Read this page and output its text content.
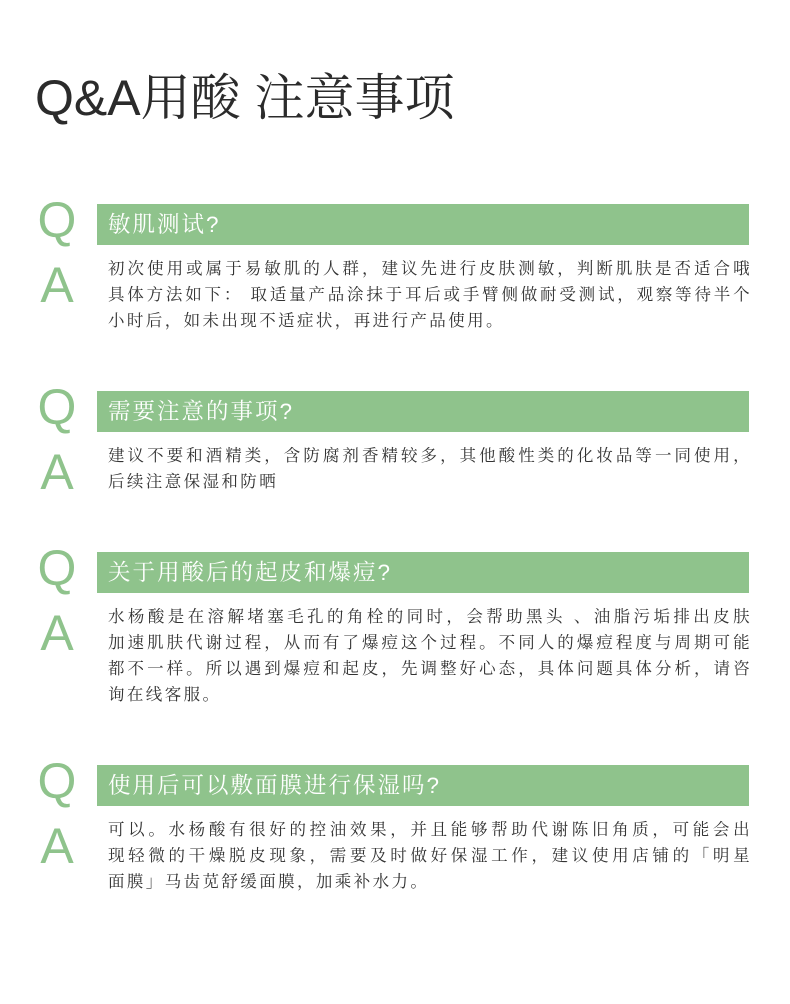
Q&A用酸 注意事项
Q	敏肌测试?
A	初次使用或属于易敏肌的人群，建议先进行皮肤测敏，判断肌肤是否适合哦
具体方法如下： 取适量产品涂抹于耳后或手臂侧做耐受测试，观察等待半个
小时后，如未出现不适症状，再进行产品使用。
Q	需要注意的事项?
A	建议不要和酒精类，含防腐剂香精较多，其他酸性类的化妆品等一同使用，
后续注意保湿和防晒
Q	关于用酸后的起皮和爆痘?
A	水杨酸是在溶解堵塞毛孔的角栓的同时，会帮助黑头 、油脂污垢排出皮肤
加速肌肤代谢过程，从而有了爆痘这个过程。不同人的爆痘程度与周期可能
都不一样。所以遇到爆痘和起皮，先调整好心态，具体问题具体分析，请咨
询在线客服。
Q	使用后可以敷面膜进行保湿吗?
A	可以。水杨酸有很好的控油效果，并且能够帮助代谢陈旧角质，可能会出
现轻微的干燥脱皮现象，需要及时做好保湿工作，建议使用店铺的「明星
面膜」马齿苋舒缓面膜，加乘补水力。
